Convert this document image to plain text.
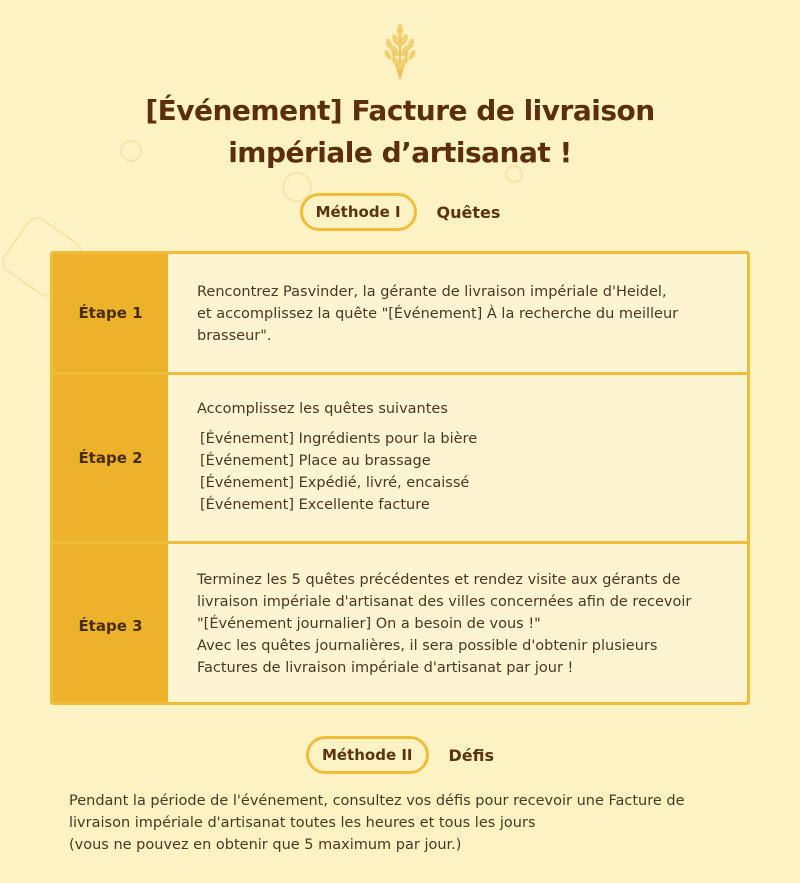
[Événement] Facture de livraison
impériale d’artisanat !
Méthode I	Quêtes
Étape 1
Rencontrez Pasvinder, la gérante de livraison impériale d'Heidel,
et accomplissez la quête "[Événement] À la recherche du meilleur
brasseur".
Étape 2
Accomplissez les quêtes suivantes
[Événement] Ingrédients pour la bière
[Événement] Place au brassage
[Événement] Expédié, livré, encaissé
[Événement] Excellente facture
Étape 3
Terminez les 5 quêtes précédentes et rendez visite aux gérants de
livraison impériale d'artisanat des villes concernées afin de recevoir
"[Événement journalier] On a besoin de vous !"
Avec les quêtes journalières, il sera possible d'obtenir plusieurs
Factures de livraison impériale d'artisanat par jour !
Méthode II	Défis
Pendant la période de l'événement, consultez vos défis pour recevoir une Facture de
livraison impériale d'artisanat toutes les heures et tous les jours
(vous ne pouvez en obtenir que 5 maximum par jour.)
